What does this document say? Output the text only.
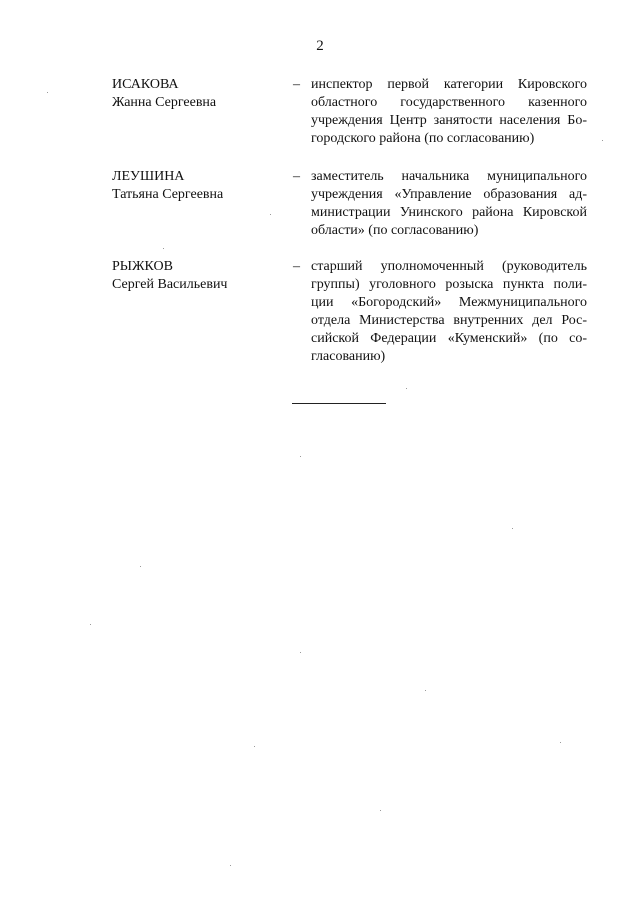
2
ИСАКОВА
Жанна Сергеевна
– инспектор первой категории Кировского
областного государственного казенного
учреждения Центр занятости населения Бо-
городского района (по согласованию)
ЛЕУШИНА
Татьяна Сергеевна
– заместитель начальника муниципального
учреждения «Управление образования ад-
министрации Унинского района Кировской
области» (по согласованию)
РЫЖКОВ
Сергей Васильевич
– старший уполномоченный (руководитель
группы) уголовного розыска пункта поли-
ции «Богородский» Межмуниципального
отдела Министерства внутренних дел Рос-
сийской Федерации «Куменский» (по со-
гласованию)
